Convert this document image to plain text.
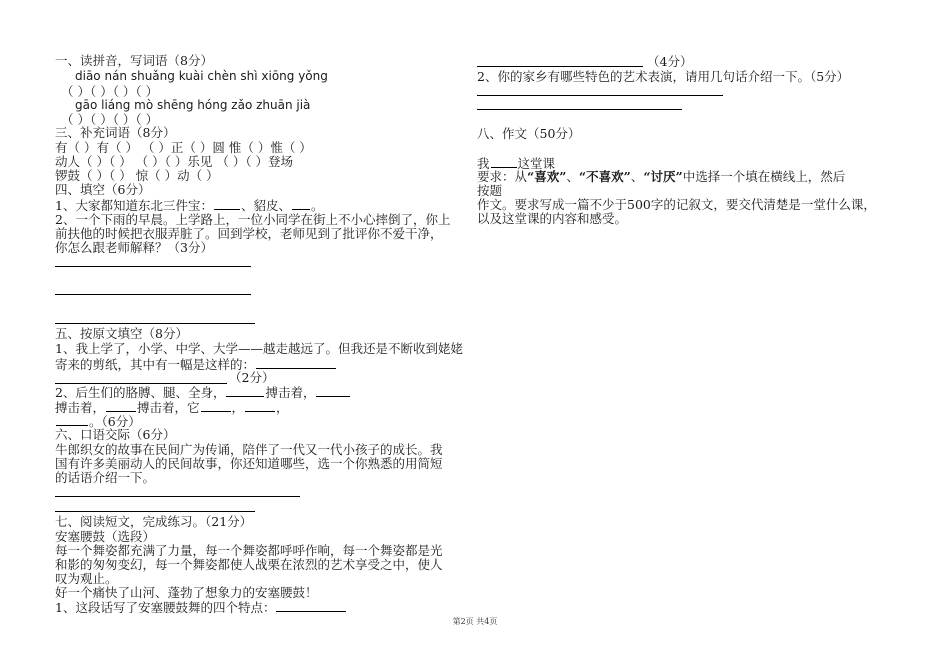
一、读拼音，写词语（8分）
diāo nán shuǎng kuài chèn shì xiōng yǒng
（ ）（ ）（ ）（ ）
gāo liáng mò shēng hóng zǎo zhuān jià
（ ）（ ）（ ）（ ）
三、补充词语（8分）
有（ ）有（ ） （ ）正（ ）圆 惟（ ）惟（ ）
动人（ ）（ ） （ ）（ ）乐见 （ ）（ ）登场
锣鼓（ ）（ ） 惊（ ）动（ ）
四、填空（6分）
1、大家都知道东北三件宝： 、貂皮、 。
2、一个下雨的早晨。上学路上，一位小同学在街上不小心摔倒了，你上
前扶他的时候把衣服弄脏了。回到学校，老师见到了批评你不爱干净，
你怎么跟老师解释？（3分）
五、按原文填空（8分）
1、我上学了，小学、中学、大学——越走越远了。但我还是不断收到姥姥
寄来的剪纸，其中有一幅是这样的：
（2分）
2、后生们的胳膊、腿、全身，	搏击着，
搏击着，	搏击着，它	，	，
。（6分）
六、口语交际（6分）
牛郎织女的故事在民间广为传诵，陪伴了一代又一代小孩子的成长。我
国有许多美丽动人的民间故事，你还知道哪些，选一个你熟悉的用简短
的话语介绍一下。
七、阅读短文，完成练习。（21分）
安塞腰鼓（选段）
每一个舞姿都充满了力量，每一个舞姿都呼呼作响，每一个舞姿都是光
和影的匆匆变幻，每一个舞姿都使人战栗在浓烈的艺术享受之中，使人
叹为观止。
好一个痛快了山河、蓬勃了想象力的安塞腰鼓！
1、这段话写了安塞腰鼓舞的四个特点：
（4分）
2、你的家乡有哪些特色的艺术表演，请用几句话介绍一下。（5分）
八、作文（50分）
我 这堂课
要求：从“喜欢”、“不喜欢”、“讨厌”中选择一个填在横线上，然后
按题
作文。要求写成一篇不少于500字的记叙文，要交代清楚是一堂什么课，
以及这堂课的内容和感受。
第2页 共4页
